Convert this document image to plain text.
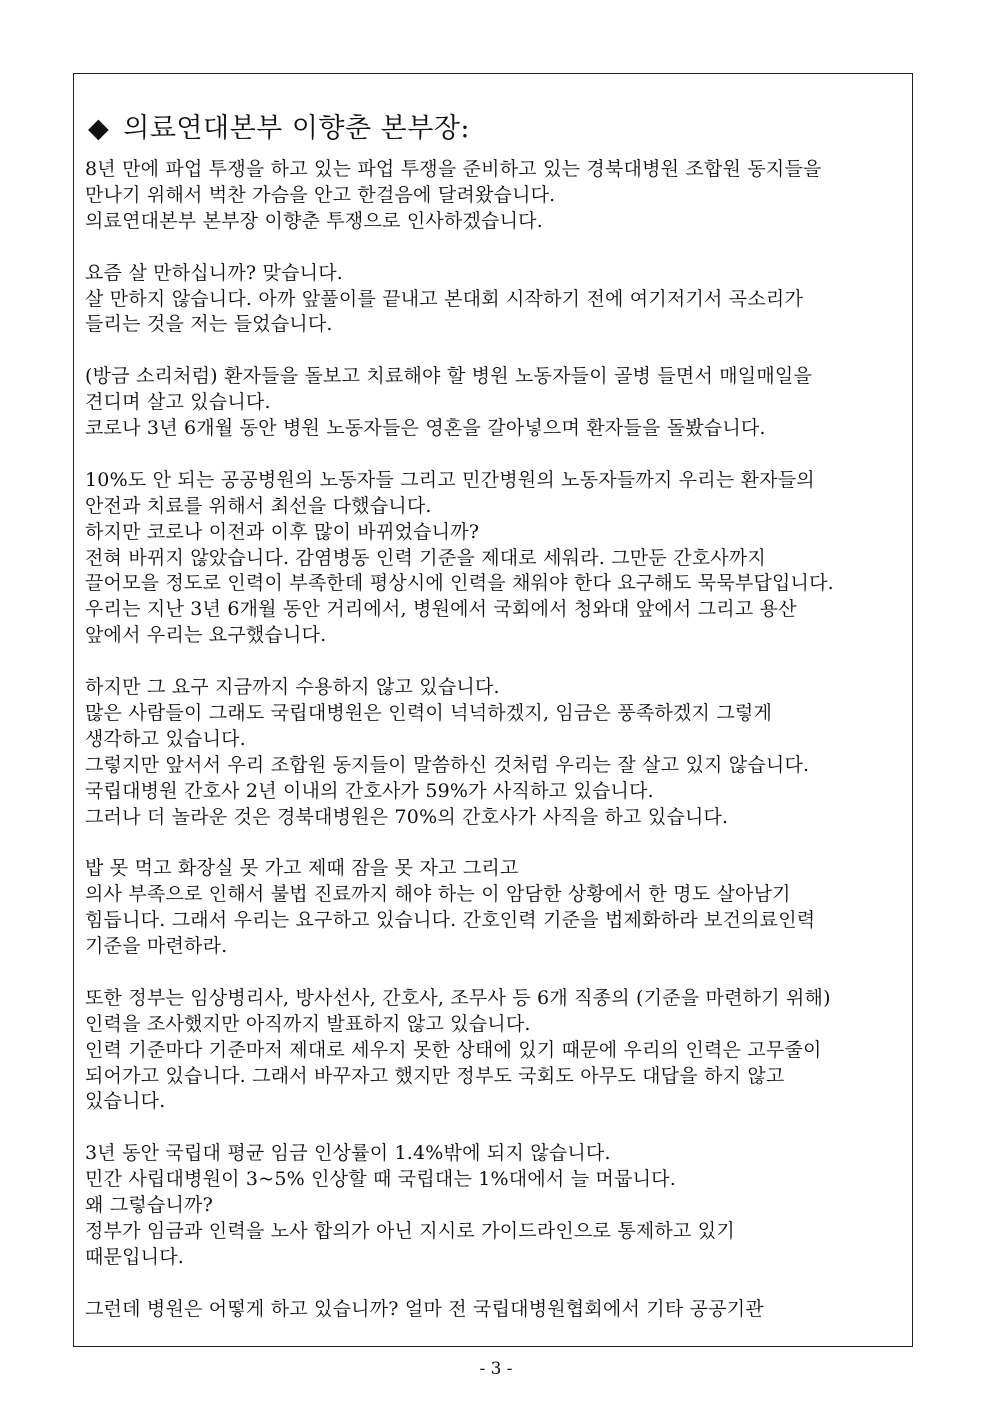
◆ 의료연대본부 이향춘 본부장:
8년 만에 파업 투쟁을 하고 있는 파업 투쟁을 준비하고 있는 경북대병원 조합원 동지들을
만나기 위해서 벅찬 가슴을 안고 한걸음에 달려왔습니다.
의료연대본부 본부장 이향춘 투쟁으로 인사하겠습니다.
요즘 살 만하십니까? 맞습니다.
살 만하지 않습니다. 아까 앞풀이를 끝내고 본대회 시작하기 전에 여기저기서 곡소리가
들리는 것을 저는 들었습니다.
(방금 소리처럼) 환자들을 돌보고 치료해야 할 병원 노동자들이 골병 들면서 매일매일을
견디며 살고 있습니다.
코로나 3년 6개월 동안 병원 노동자들은 영혼을 갈아넣으며 환자들을 돌봤습니다.
10%도 안 되는 공공병원의 노동자들 그리고 민간병원의 노동자들까지 우리는 환자들의
안전과 치료를 위해서 최선을 다했습니다.
하지만 코로나 이전과 이후 많이 바뀌었습니까?
전혀 바뀌지 않았습니다. 감염병동 인력 기준을 제대로 세워라. 그만둔 간호사까지
끌어모을 정도로 인력이 부족한데 평상시에 인력을 채워야 한다 요구해도 묵묵부답입니다.
우리는 지난 3년 6개월 동안 거리에서, 병원에서 국회에서 청와대 앞에서 그리고 용산
앞에서 우리는 요구했습니다.
하지만 그 요구 지금까지 수용하지 않고 있습니다.
많은 사람들이 그래도 국립대병원은 인력이 넉넉하겠지, 임금은 풍족하겠지 그렇게
생각하고 있습니다.
그렇지만 앞서서 우리 조합원 동지들이 말씀하신 것처럼 우리는 잘 살고 있지 않습니다.
국립대병원 간호사 2년 이내의 간호사가 59%가 사직하고 있습니다.
그러나 더 놀라운 것은 경북대병원은 70%의 간호사가 사직을 하고 있습니다.
밥 못 먹고 화장실 못 가고 제때 잠을 못 자고 그리고
의사 부족으로 인해서 불법 진료까지 해야 하는 이 암담한 상황에서 한 명도 살아남기
힘듭니다. 그래서 우리는 요구하고 있습니다. 간호인력 기준을 법제화하라 보건의료인력
기준을 마련하라.
또한 정부는 임상병리사, 방사선사, 간호사, 조무사 등 6개 직종의 (기준을 마련하기 위해)
인력을 조사했지만 아직까지 발표하지 않고 있습니다.
인력 기준마다 기준마저 제대로 세우지 못한 상태에 있기 때문에 우리의 인력은 고무줄이
되어가고 있습니다. 그래서 바꾸자고 했지만 정부도 국회도 아무도 대답을 하지 않고
있습니다.
3년 동안 국립대 평균 임금 인상률이 1.4%밖에 되지 않습니다.
민간 사립대병원이 3~5% 인상할 때 국립대는 1%대에서 늘 머뭅니다.
왜 그렇습니까?
정부가 임금과 인력을 노사 합의가 아닌 지시로 가이드라인으로 통제하고 있기
때문입니다.
그런데 병원은 어떻게 하고 있습니까? 얼마 전 국립대병원협회에서 기타 공공기관
- 3 -
